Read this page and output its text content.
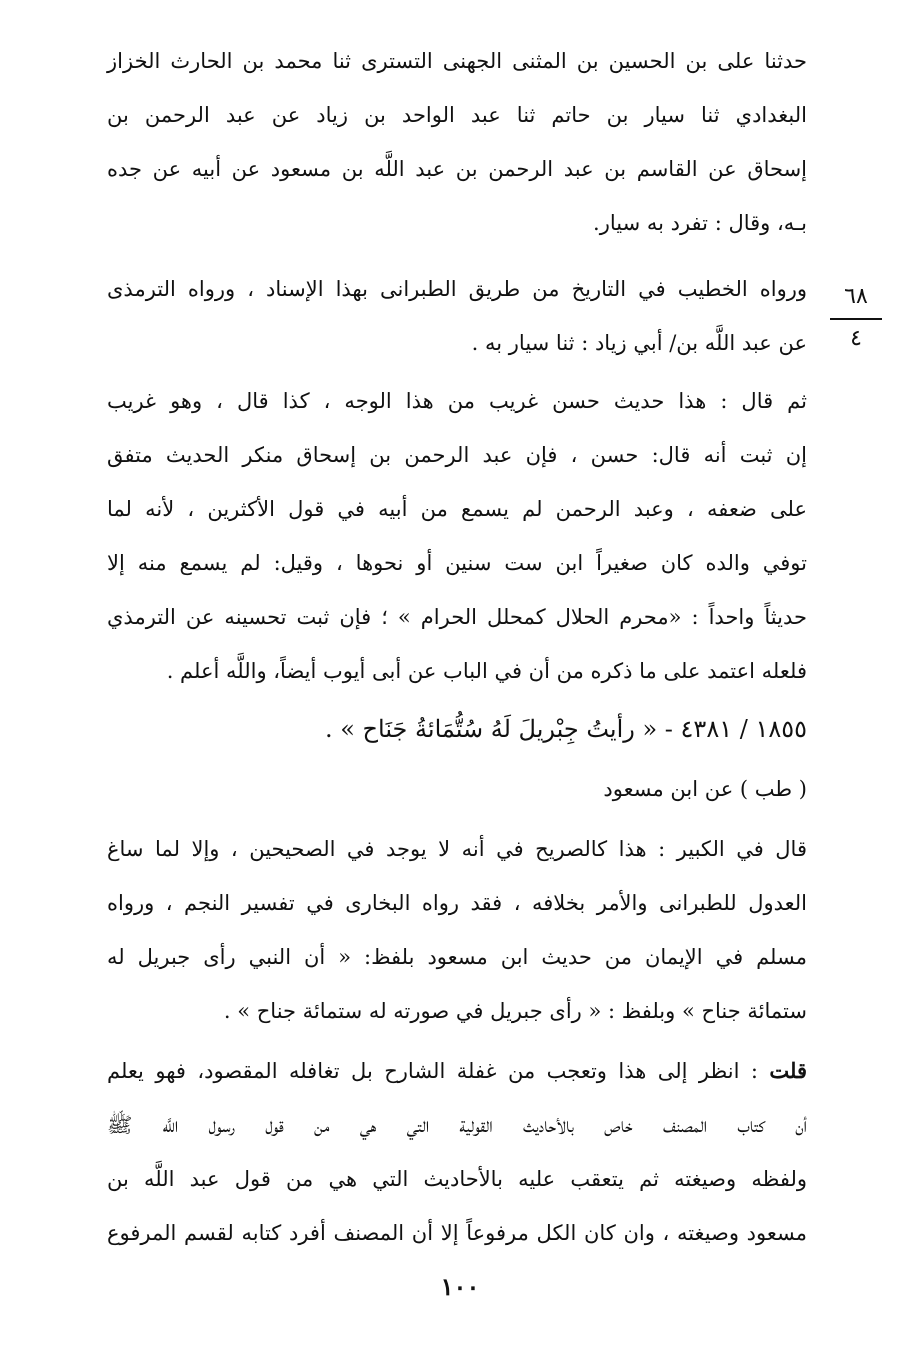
حدثنا على بن الحسين بن المثنى الجهنى التسترى ثنا محمد بن الحارث الخزاز
البغدادي ثنا سيار بن حاتم ثنا عبد الواحد بن زياد عن عبد الرحمن بن
إسحاق عن القاسم بن عبد الرحمن بن عبد اللَّه بن مسعود عن أبيه عن جده
بـه، وقال : تفرد به سيار.
ورواه الخطيب في التاريخ من طريق الطبرانى بهذا الإسناد ، ورواه الترمذى
عن عبد اللَّه بن/ أبي زياد : ثنا سيار به .
ثم قال : هذا حديث حسن غريب من هذا الوجه ، كذا قال ، وهو غريب
إن ثبت أنه قال: حسن ، فإن عبد الرحمن بن إسحاق منكر الحديث متفق
على ضعفه ، وعبد الرحمن لم يسمع من أبيه في قول الأكثرين ، لأنه لما
توفي والده كان صغيراً ابن ست سنين أو نحوها ، وقيل: لم يسمع منه إلا
حديثاً واحداً : «محرم الحلال كمحلل الحرام » ؛ فإن ثبت تحسينه عن الترمذي
فلعله اعتمد على ما ذكره من أن في الباب عن أبى أيوب أيضاً، واللَّه أعلم .
١٨٥٥ / ٤٣٨١ - « رأيتُ جِبْريلَ لَهُ سُتُّمَائةُ جَنَاح » .
( طب ) عن ابن مسعود
قال في الكبير : هذا كالصريح في أنه لا يوجد في الصحيحين ، وإلا لما ساغ
العدول للطبرانى والأمر بخلافه ، فقد رواه البخارى في تفسير النجم ، ورواه
مسلم في الإيمان من حديث ابن مسعود بلفظ: « أن النبي رأى جبريل له
ستمائة جناح » وبلفظ : « رأى جبريل في صورته له ستمائة جناح » .
قلت : انظر إلى هذا وتعجب من غفلة الشارح بل تغافله المقصود، فهو يعلم
أن كتاب المصنف خاص بالأحاديث القولية التي هي من قول رسول اللَّه ﷺ
ولفظه وصيغته ثم يتعقب عليه بالأحاديث التي هي من قول عبد اللَّه بن
مسعود وصيغته ، وان كان الكل مرفوعاً إلا أن المصنف أفرد كتابه لقسم المرفوع
٦٨
٤
١٠٠
